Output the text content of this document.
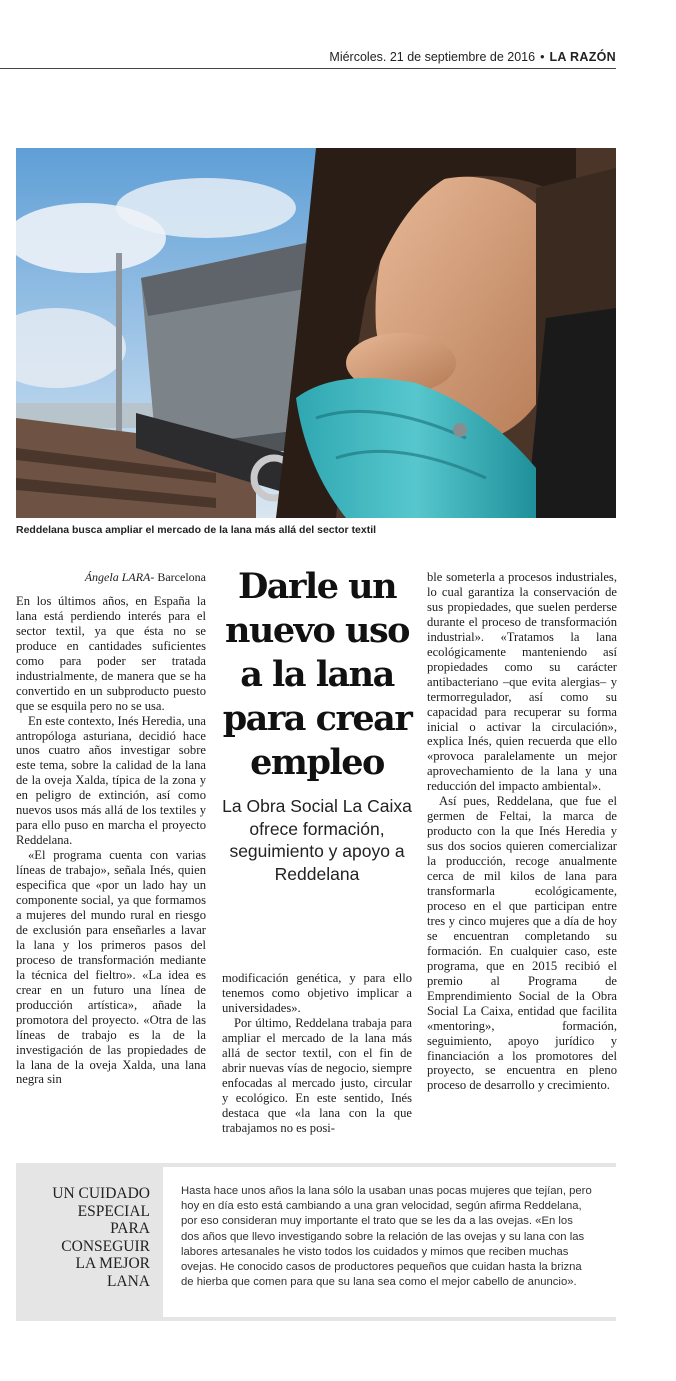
Miércoles. 21 de septiembre de 2016 • LA RAZÓN
Reddelana busca ampliar el mercado de la lana más allá del sector textil
Ángela LARA- Barcelona

En los últimos años, en España la lana está perdiendo interés para el sector textil, ya que ésta no se produce en cantidades suficientes como para poder ser tratada industrialmente, de manera que se ha convertido en un subproducto puesto que se esquila pero no se usa.

En este contexto, Inés Heredia, una antropóloga asturiana, decidió hace unos cuatro años investigar sobre este tema, sobre la calidad de la lana de la oveja Xalda, típica de la zona y en peligro de extinción, así como nuevos usos más allá de los textiles y para ello puso en marcha el proyecto Reddelana.

«El programa cuenta con varias líneas de trabajo», señala Inés, quien especifica que «por un lado hay un componente social, ya que formamos a mujeres del mundo rural en riesgo de exclusión para enseñarles a lavar la lana y los primeros pasos del proceso de transformación mediante la técnica del fieltro». «La idea es crear en un futuro una línea de producción artística», añade la promotora del proyecto. «Otra de las líneas de trabajo es la de la investigación de las propiedades de la lana de la oveja Xalda, una lana negra sin

Darle un nuevo uso a la lana para crear empleo
La Obra Social La Caixa ofrece formación, seguimiento y apoyo a Reddelana

modificación genética, y para ello tenemos como objetivo implicar a universidades».

Por último, Reddelana trabaja para ampliar el mercado de la lana más allá de sector textil, con el fin de abrir nuevas vías de negocio, siempre enfocadas al mercado justo, circular y ecológico. En este sentido, Inés destaca que «la lana con la que trabajamos no es posi-

ble someterla a procesos industriales, lo cual garantiza la conservación de sus propiedades, que suelen perderse durante el proceso de transformación industrial». «Tratamos la lana ecológicamente manteniendo así propiedades como su carácter antibacteriano –que evita alergias– y termorregulador, así como su capacidad para recuperar su forma inicial o activar la circulación», explica Inés, quien recuerda que ello «provoca paralelamente un mejor aprovechamiento de la lana y una reducción del impacto ambiental».

Así pues, Reddelana, que fue el germen de Feltai, la marca de producto con la que Inés Heredia y sus dos socios quieren comercializar la producción, recoge anualmente cerca de mil kilos de lana para transformarla ecológicamente, proceso en el que participan entre tres y cinco mujeres que a día de hoy se encuentran completando su formación. En cualquier caso, este programa, que en 2015 recibió el premio al Programa de Emprendimiento Social de la Obra Social La Caixa, entidad que facilita «mentoring», formación, seguimiento, apoyo jurídico y financiación a los promotores del proyecto, se encuentra en pleno proceso de desarrollo y crecimiento.

UN CUIDADO ESPECIAL PARA CONSEGUIR LA MEJOR LANA
Hasta hace unos años la lana sólo la usaban unas pocas mujeres que tejían, pero hoy en día esto está cambiando a una gran velocidad, según afirma Reddelana, por eso consideran muy importante el trato que se les da a las ovejas. «En los dos años que llevo investigando sobre la relación de las ovejas y su lana con las labores artesanales he visto todos los cuidados y mimos que reciben muchas ovejas. He conocido casos de productores pequeños que cuidan hasta la brizna de hierba que comen para que su lana sea como el mejor cabello de anuncio».
